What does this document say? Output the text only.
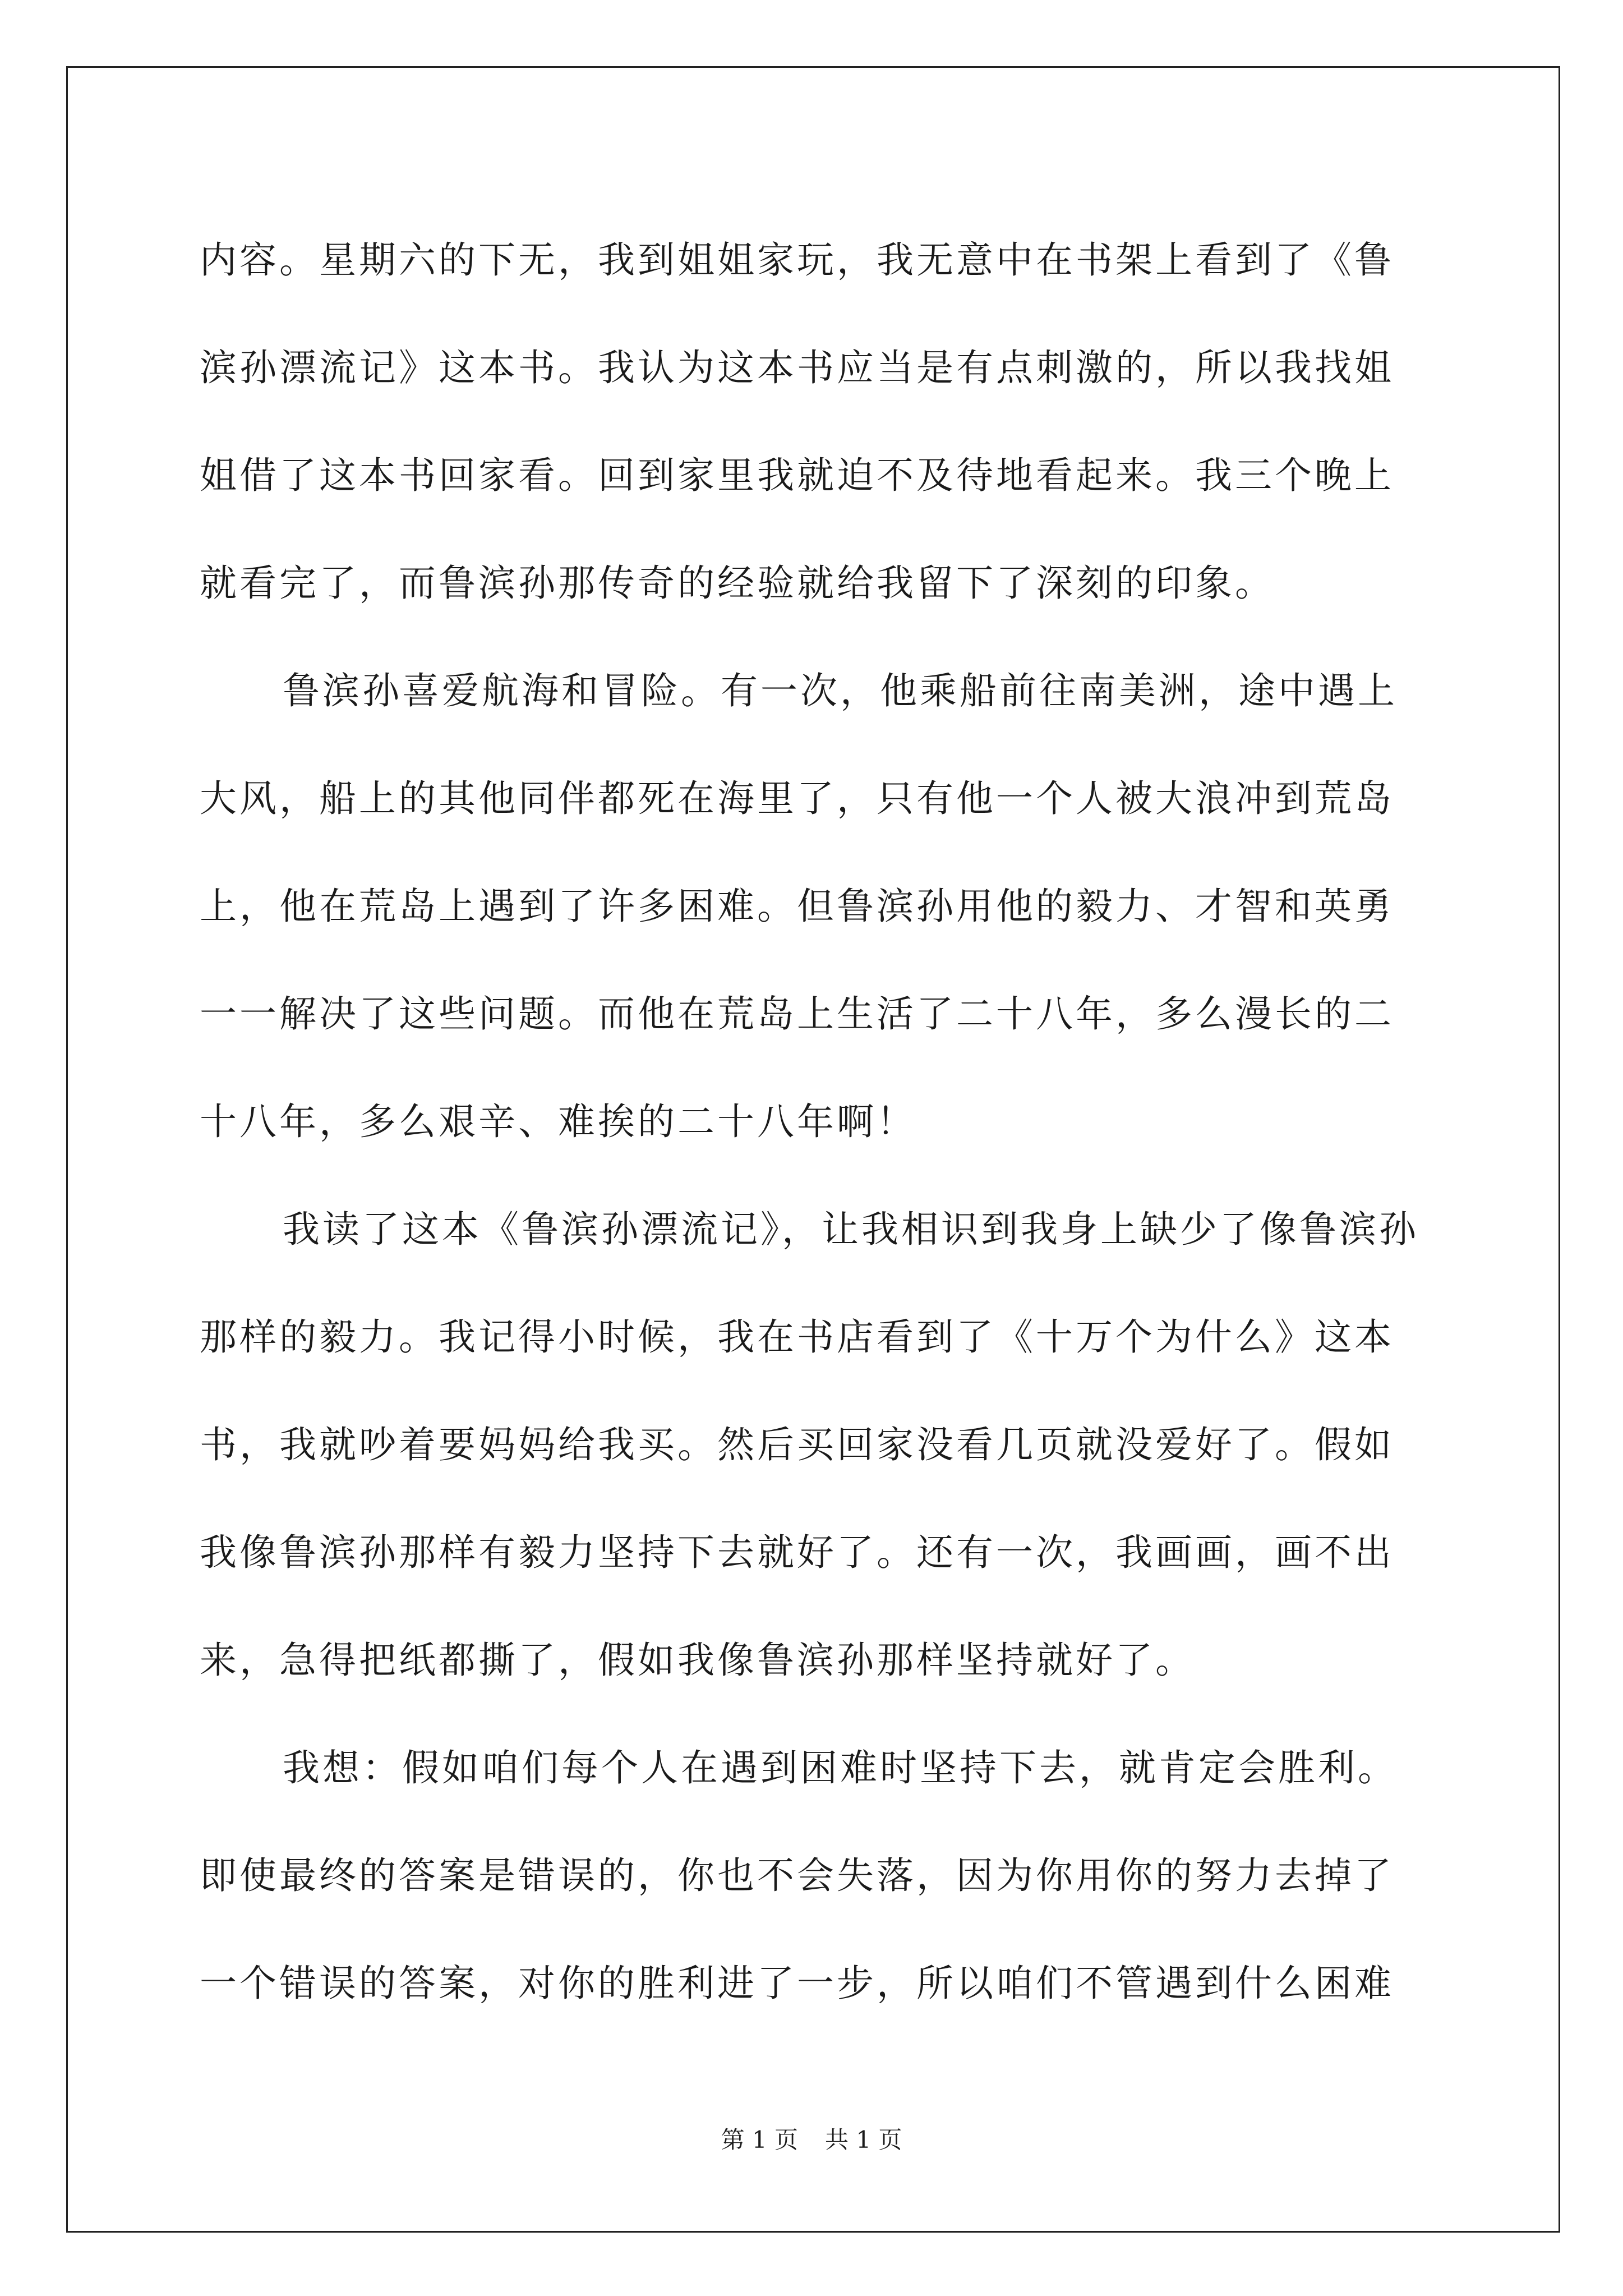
内容。星期六的下无，我到姐姐家玩，我无意中在书架上看到了《鲁
滨孙漂流记》这本书。我认为这本书应当是有点刺激的，所以我找姐
姐借了这本书回家看。回到家里我就迫不及待地看起来。我三个晚上
就看完了，而鲁滨孙那传奇的经验就给我留下了深刻的印象。
鲁滨孙喜爱航海和冒险。有一次，他乘船前往南美洲，途中遇上
大风，船上的其他同伴都死在海里了，只有他一个人被大浪冲到荒岛
上，他在荒岛上遇到了许多困难。但鲁滨孙用他的毅力、才智和英勇
一一解决了这些问题。而他在荒岛上生活了二十八年，多么漫长的二
十八年，多么艰辛、难挨的二十八年啊！
我读了这本《鲁滨孙漂流记》，让我相识到我身上缺少了像鲁滨孙
那样的毅力。我记得小时候，我在书店看到了《十万个为什么》这本
书，我就吵着要妈妈给我买。然后买回家没看几页就没爱好了。假如
我像鲁滨孙那样有毅力坚持下去就好了。还有一次，我画画，画不出
来，急得把纸都撕了，假如我像鲁滨孙那样坚持就好了。
我想：假如咱们每个人在遇到困难时坚持下去，就肯定会胜利。
即使最终的答案是错误的，你也不会失落，因为你用你的努力去掉了
一个错误的答案，对你的胜利进了一步，所以咱们不管遇到什么困难
第 1 页 共 1 页
